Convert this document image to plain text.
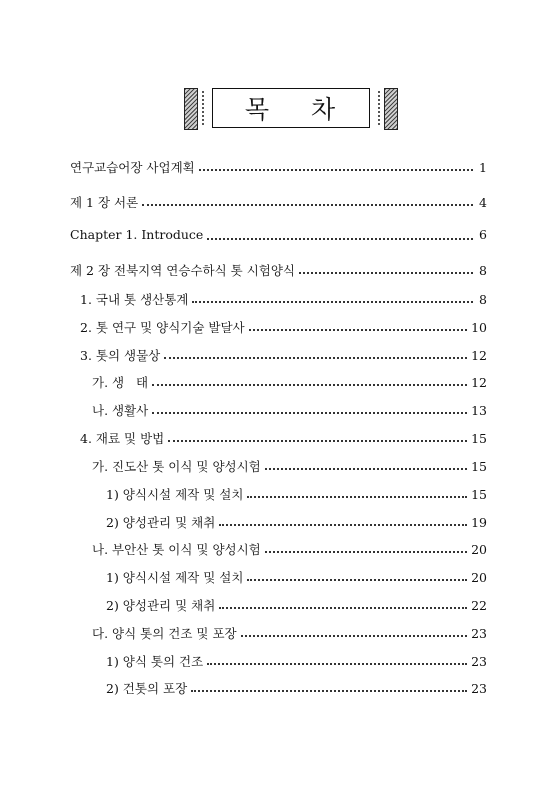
목 차
연구교습어장 사업계획	1
제 1 장 서론	4
Chapter 1. Introduce	6
제 2 장 전북지역 연승수하식 톳 시험양식	8
1. 국내 톳 생산통계	8
2. 톳 연구 및 양식기술 발달사	10
3. 톳의 생물상	12
가. 생   태	12
나. 생활사	13
4. 재료 및 방법	15
가. 진도산 톳 이식 및 양성시험	15
1) 양식시설 제작 및 설치	15
2) 양성관리 및 채취	19
나. 부안산 톳 이식 및 양성시험	20
1) 양식시설 제작 및 설치	20
2) 양성관리 및 채취	22
다. 양식 톳의 건조 및 포장	23
1) 양식 톳의 건조	23
2) 건톳의 포장	23
